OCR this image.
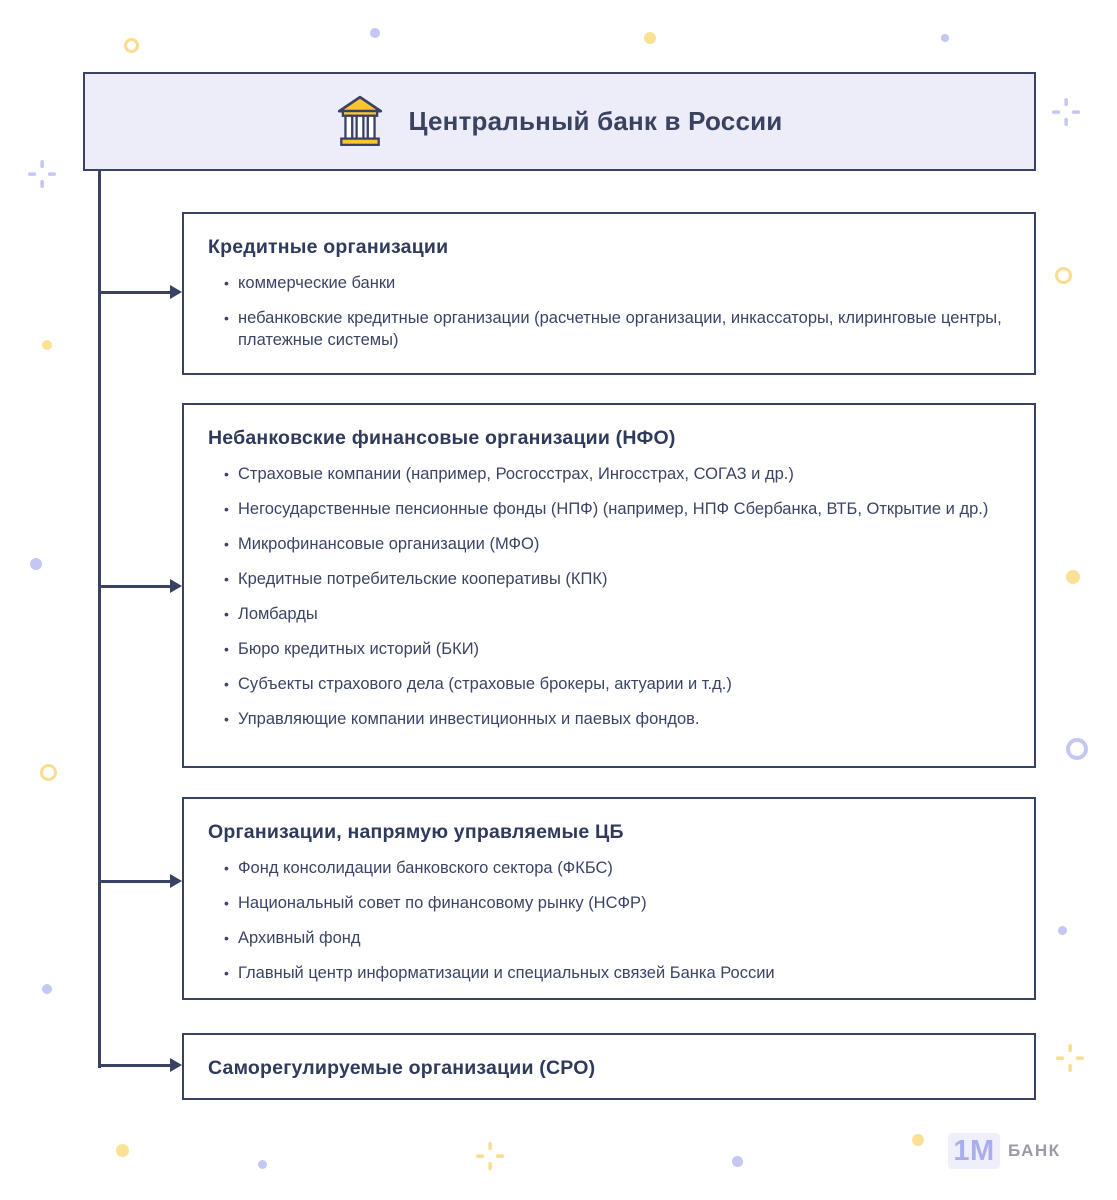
Центральный банк в России
Кредитные организации
• коммерческие банки
• небанковские кредитные организации (расчетные организации, инкассаторы, клиринговые центры, платежные системы)
Небанковские финансовые организации (НФО)
• Страховые компании (например, Росгосстрах, Ингосстрах, СОГАЗ и др.)
• Негосударственные пенсионные фонды (НПФ) (например, НПФ Сбербанка, ВТБ, Открытие и др.)
• Микрофинансовые организации (МФО)
• Кредитные потребительские кооперативы (КПК)
• Ломбарды
• Бюро кредитных историй (БКИ)
• Субъекты страхового дела (страховые брокеры, актуарии и т.д.)
• Управляющие компании инвестиционных и паевых фондов.
Организации, напрямую управляемые ЦБ
• Фонд консолидации банковского сектора (ФКБС)
• Национальный совет по финансовому рынку (НСФР)
• Архивный фонд
• Главный центр информатизации и специальных связей Банка России
Саморегулируемые организации (СРО)
1М БАНК
